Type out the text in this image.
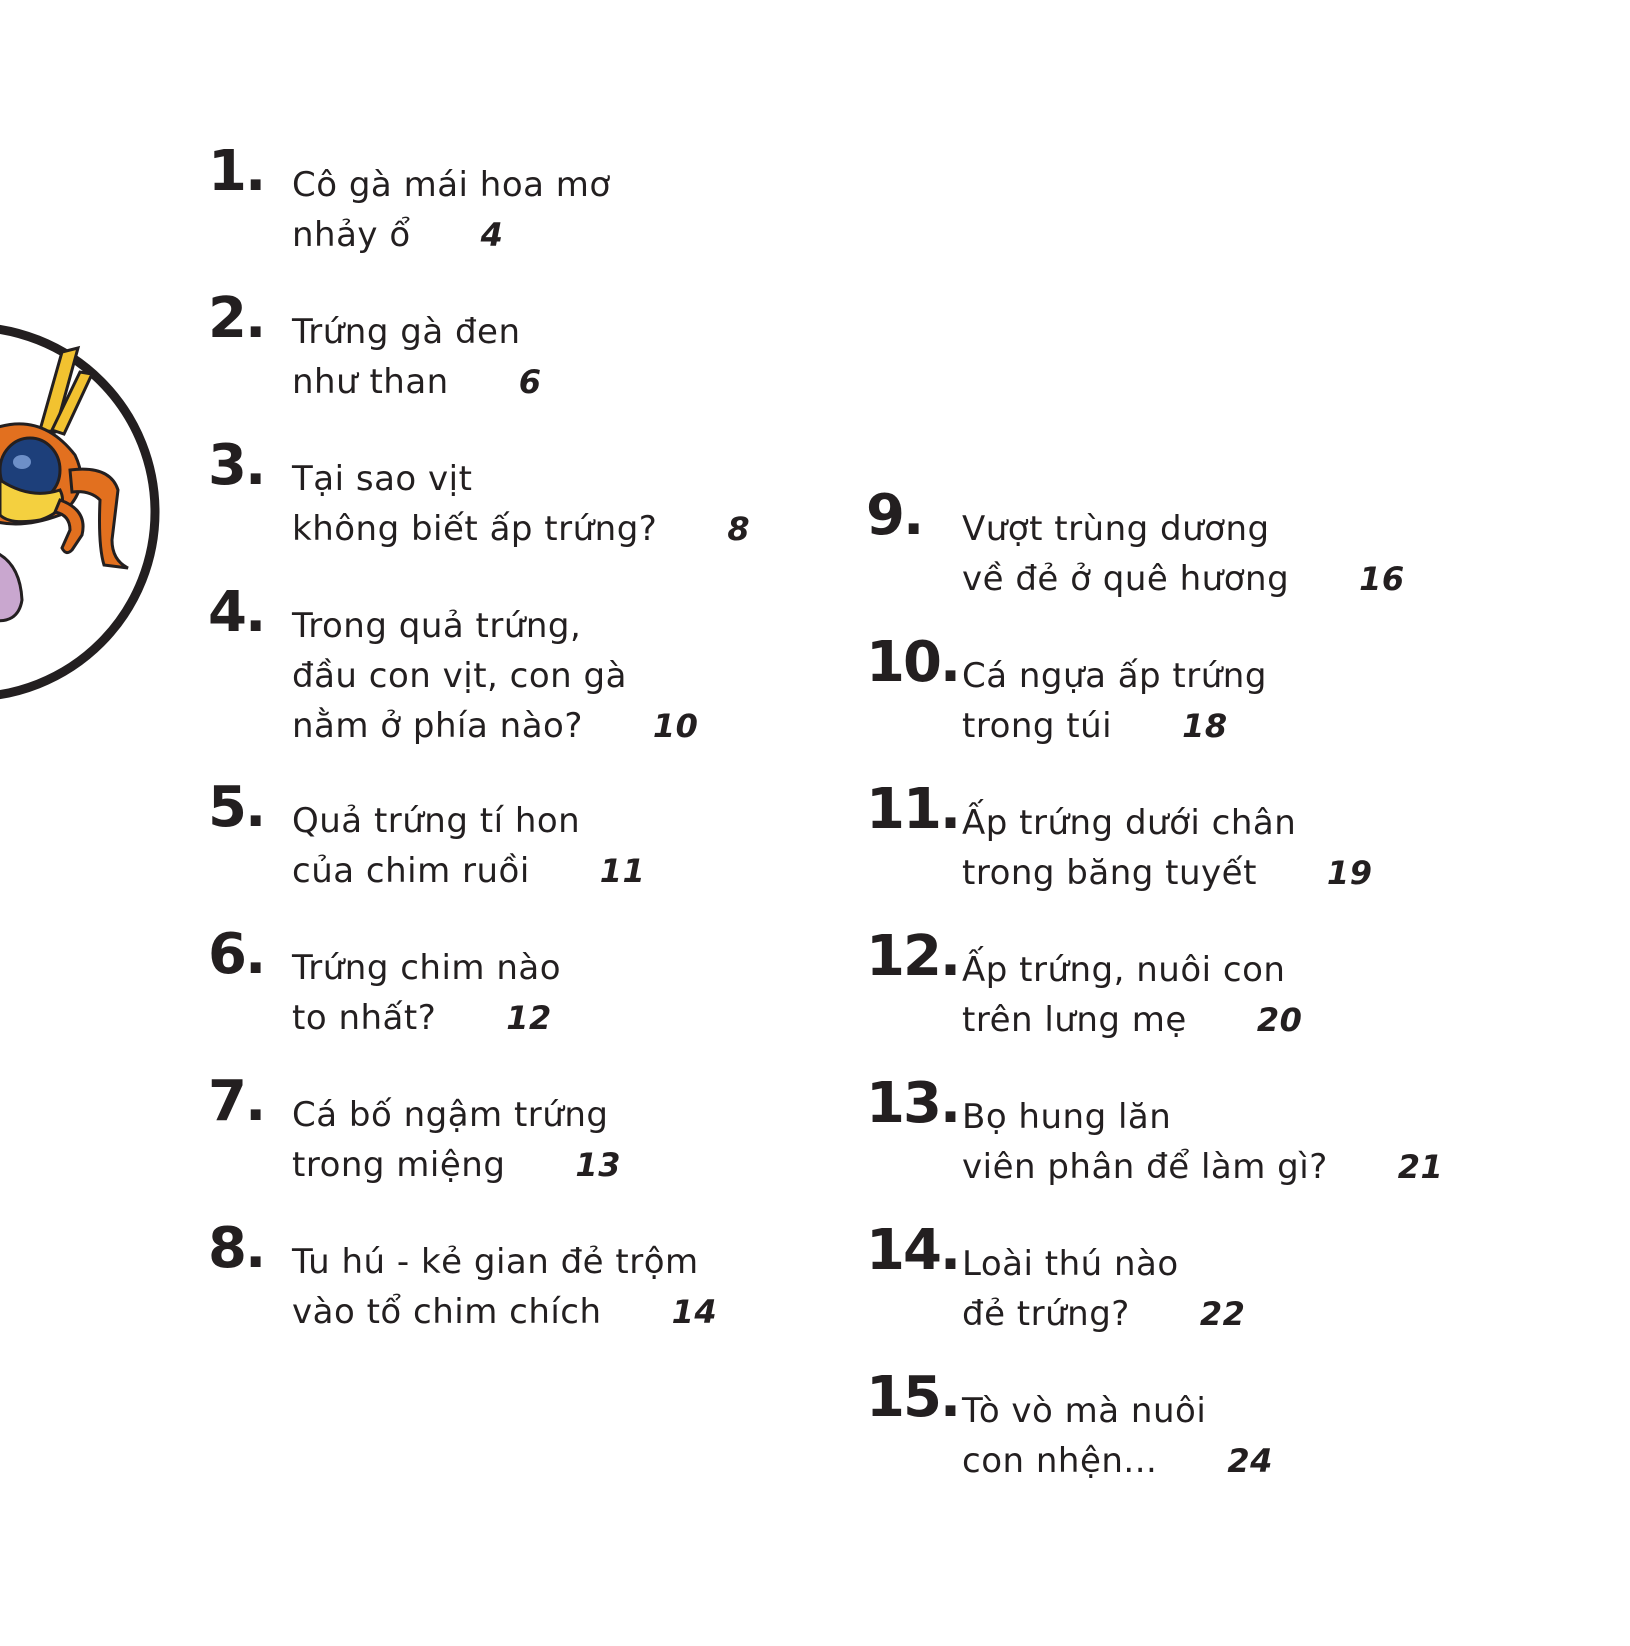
1. Cô gà mái hoa mơ
nhảy ổ 4
2. Trứng gà đen
như than 6
3. Tại sao vịt
không biết ấp trứng? 8
4. Trong quả trứng,
đầu con vịt, con gà
nằm ở phía nào? 10
5. Quả trứng tí hon
của chim ruồi 11
6. Trứng chim nào
to nhất? 12
7. Cá bố ngậm trứng
trong miệng 13
8. Tu hú - kẻ gian đẻ trộm
vào tổ chim chích 14
9. Vượt trùng dương
về đẻ ở quê hương 16
10. Cá ngựa ấp trứng
trong túi 18
11. Ấp trứng dưới chân
trong băng tuyết 19
12. Ấp trứng, nuôi con
trên lưng mẹ 20
13. Bọ hung lăn
viên phân để làm gì? 21
14. Loài thú nào
đẻ trứng? 22
15. Tò vò mà nuôi
con nhện... 24
